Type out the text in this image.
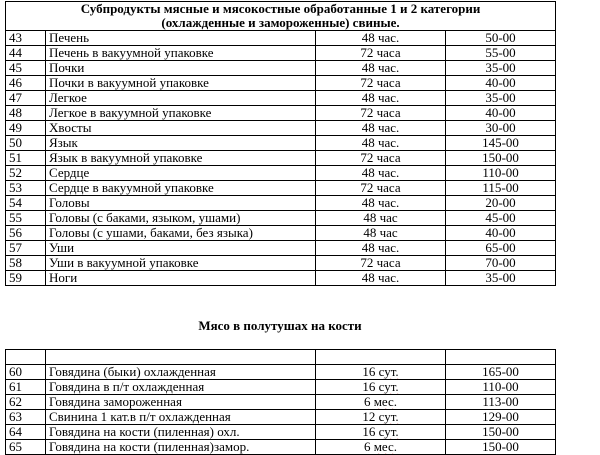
Субпродукты мясные и мясокостные обработанные 1 и 2 категории
(охлажденные и замороженные) свиные.			

43	Печень	48 час.	50-00
44	Печень в вакуумной упаковке	72 часа	55-00
45	Почки	48 час.	35-00
46	Почки в вакуумной упаковке	72 часа	40-00
47	Легкое	48 час.	35-00
48	Легкое в вакуумной упаковке	72 часа	40-00
49	Хвосты	48 час.	30-00
50	Язык	48 час.	145-00
51	Язык в вакуумной упаковке	72 часа	150-00
52	Сердце	48 час.	110-00
53	Сердце в вакуумной упаковке	72 часа	115-00
54	Головы	48 час.	20-00
55	Головы (с баками, языком, ушами)	48 час	45-00
56	Головы (с ушами, баками, без языка)	48 час	40-00
57	Уши	48 час.	65-00
58	Уши в вакуумной упаковке	72 часа	70-00
59	Ноги	48 час.	35-00
Мясо в полутушах на кости

60	Говядина (быки) охлажденная	16 сут.	165-00
61	Говядина в п/т охлажденная	16 сут.	110-00
62	Говядина замороженная	6 мес.	113-00
63	Свинина 1 кат.в п/т охлажденная	12 сут.	129-00
64	Говядина на кости (пиленная) охл.	16 сут.	150-00
65	Говядина на кости (пиленная)замор.	6 мес.	150-00
